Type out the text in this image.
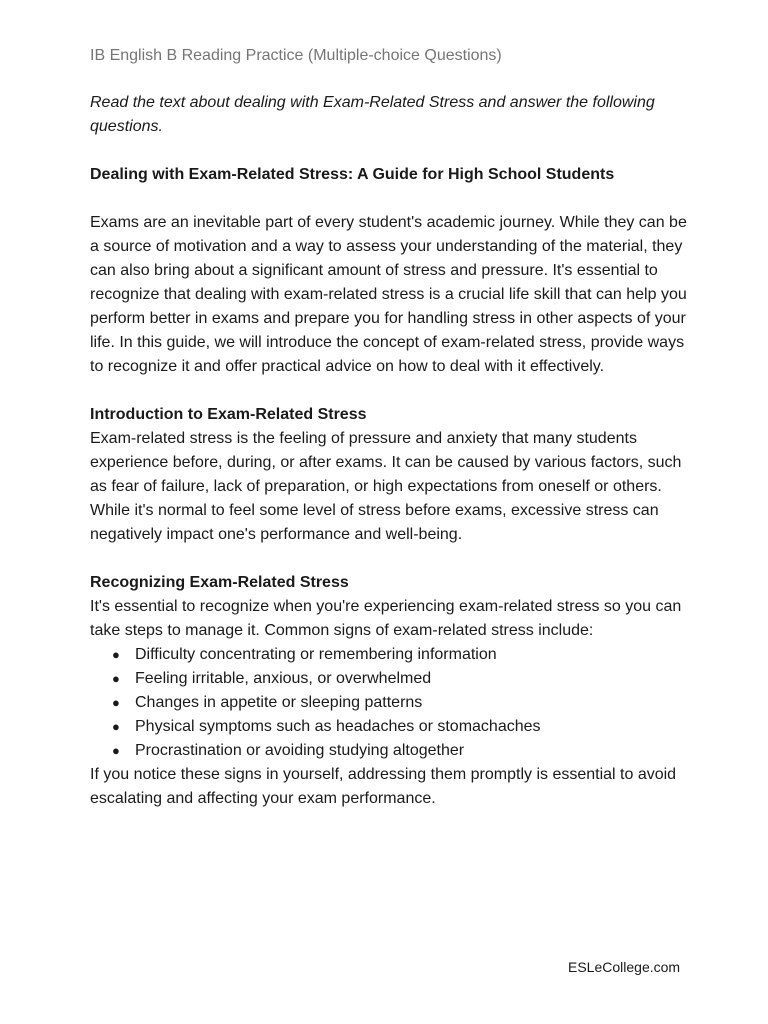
IB English B Reading Practice (Multiple-choice Questions)

Read the text about dealing with Exam-Related Stress and answer the following questions.

Dealing with Exam-Related Stress: A Guide for High School Students

Exams are an inevitable part of every student's academic journey. While they can be a source of motivation and a way to assess your understanding of the material, they can also bring about a significant amount of stress and pressure. It's essential to recognize that dealing with exam-related stress is a crucial life skill that can help you perform better in exams and prepare you for handling stress in other aspects of your life. In this guide, we will introduce the concept of exam-related stress, provide ways to recognize it and offer practical advice on how to deal with it effectively.

Introduction to Exam-Related Stress

Exam-related stress is the feeling of pressure and anxiety that many students experience before, during, or after exams. It can be caused by various factors, such as fear of failure, lack of preparation, or high expectations from oneself or others. While it's normal to feel some level of stress before exams, excessive stress can negatively impact one's performance and well-being.

Recognizing Exam-Related Stress

It's essential to recognize when you're experiencing exam-related stress so you can take steps to manage it. Common signs of exam-related stress include:

● Difficulty concentrating or remembering information
● Feeling irritable, anxious, or overwhelmed
● Changes in appetite or sleeping patterns
● Physical symptoms such as headaches or stomachaches
● Procrastination or avoiding studying altogether

If you notice these signs in yourself, addressing them promptly is essential to avoid escalating and affecting your exam performance.

ESLeCollege.com
